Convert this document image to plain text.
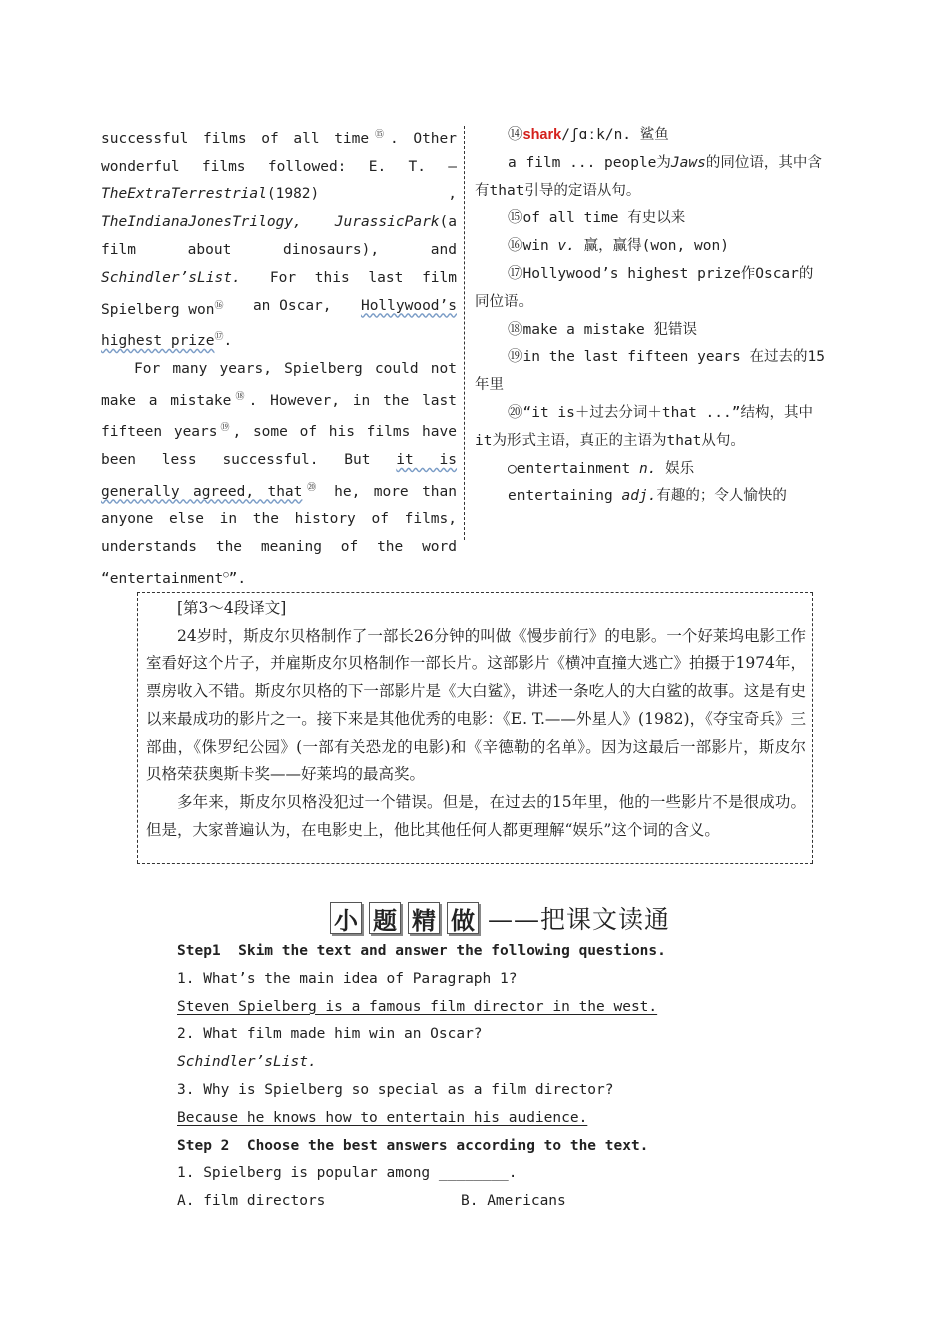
successful films of all time⑮. Other

wonderful films followed: E. T. —

TheExtraTerrestrial (1982)	,

TheIndianaJonesTrilogy, JurassicPark(a

film about dinosaurs), and

Schindler’sList. For this last film

Spielberg won⑯ an Oscar, Hollywood’s

highest prize⑰.

For many years, Spielberg could not make a mistake⑱. However, in the last fifteen years⑲, some of his films have been less successful. But it is generally agreed, that⑳ he, more than anyone else in the history of films, understands the meaning of the word “entertainment○”.

⑭shark/ʃɑːk/n. 鲨鱼

a film ... people为Jaws的同位语，其中含有that引导的定语从句。

⑮of all time 有史以来

⑯win v. 赢，赢得(won, won)

⑰Hollywood’s highest prize作Oscar的同位语。

⑱make a mistake 犯错误

⑲in the last fifteen years 在过去的15年里

⑳“it is＋过去分词＋that ...”结构，其中it为形式主语，真正的主语为that从句。

○entertainment n. 娱乐

entertaining adj.有趣的；令人愉快的

[第3～4段译文]

24岁时，斯皮尔贝格制作了一部长26分钟的叫做《慢步前行》的电影。一个好莱坞电影工作室看好这个片子，并雇斯皮尔贝格制作一部长片。这部影片《横冲直撞大逃亡》拍摄于1974年，票房收入不错。斯皮尔贝格的下一部影片是《大白鲨》，讲述一条吃人的大白鲨的故事。这是有史以来最成功的影片之一。接下来是其他优秀的电影：《E. T.——外星人》(1982)，《夺宝奇兵》三部曲，《侏罗纪公园》(一部有关恐龙的电影)和《辛德勒的名单》。因为这最后一部影片，斯皮尔贝格荣获奥斯卡奖——好莱坞的最高奖。

多年来，斯皮尔贝格没犯过一个错误。但是，在过去的15年里，他的一些影片不是很成功。但是，大家普遍认为，在电影史上，他比其他任何人都更理解“娱乐”这个词的含义。

小 题 精 做 ——把课文读通

Step1  Skim the text and answer the following questions.

1. What’s the main idea of Paragraph 1?

Steven Spielberg is a famous film director in the west.

2. What film made him win an Oscar?

Schindler’sList.

3. Why is Spielberg so special as a film director?

Because he knows how to entertain his audience.

Step 2  Choose the best answers according to the text.

1. Spielberg is popular among ________.

A. film directors	B. Americans
